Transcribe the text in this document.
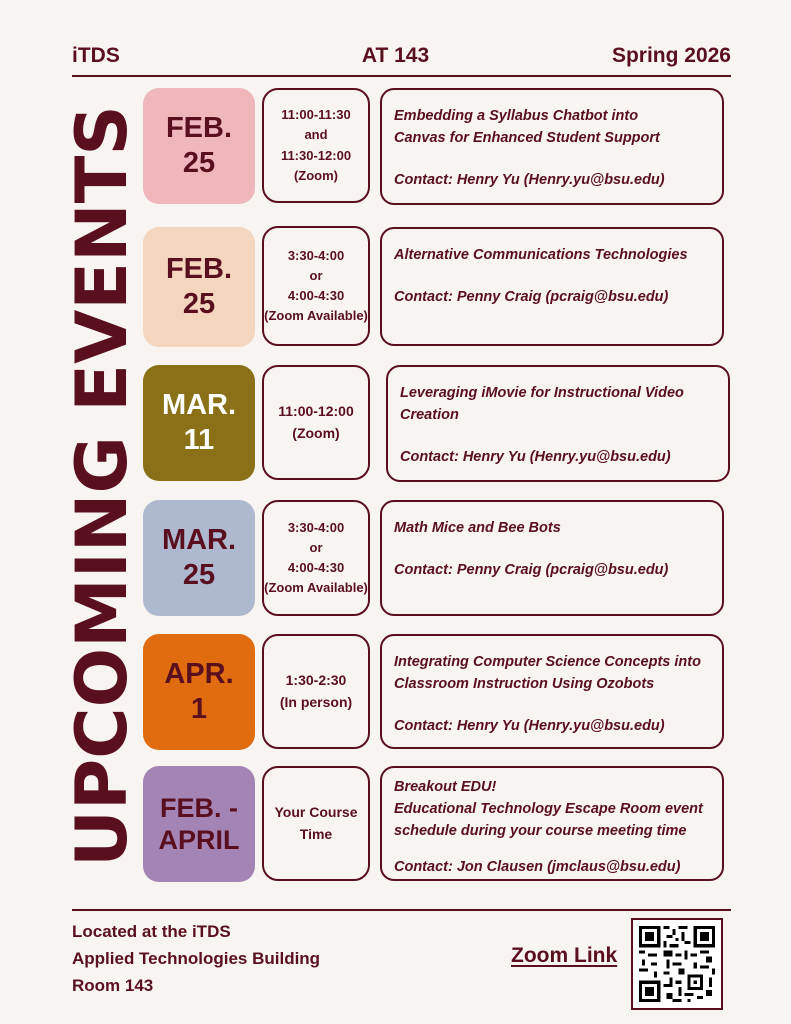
iTDS	AT 143	Spring 2026
UPCOMING EVENTS FEB.
25
11:00-11:30
and
11:30-12:00
(Zoom)
Embedding a Syllabus Chatbot into
Canvas for Enhanced Student Support
Contact: Henry Yu (Henry.yu@bsu.edu)
FEB.
25
3:30-4:00
or
4:00-4:30
(Zoom Available)
Alternative Communications Technologies
Contact: Penny Craig (pcraig@bsu.edu)
MAR.
11
11:00-12:00
(Zoom)
Leveraging iMovie for Instructional Video
Creation
Contact: Henry Yu (Henry.yu@bsu.edu)
MAR.
25
3:30-4:00
or
4:00-4:30
(Zoom Available)
Math Mice and Bee Bots
Contact: Penny Craig (pcraig@bsu.edu)
APR.
1
1:30-2:30
(In person)
Integrating Computer Science Concepts into
Classroom Instruction Using Ozobots
Contact: Henry Yu (Henry.yu@bsu.edu)
FEB. -
APRIL
Your Course
Time
Breakout EDU!
Educational Technology Escape Room event
schedule during your course meeting time
Contact: Jon Clausen (jmclaus@bsu.edu)
Located at the iTDS
Applied Technologies Building
Room 143
Zoom Link
